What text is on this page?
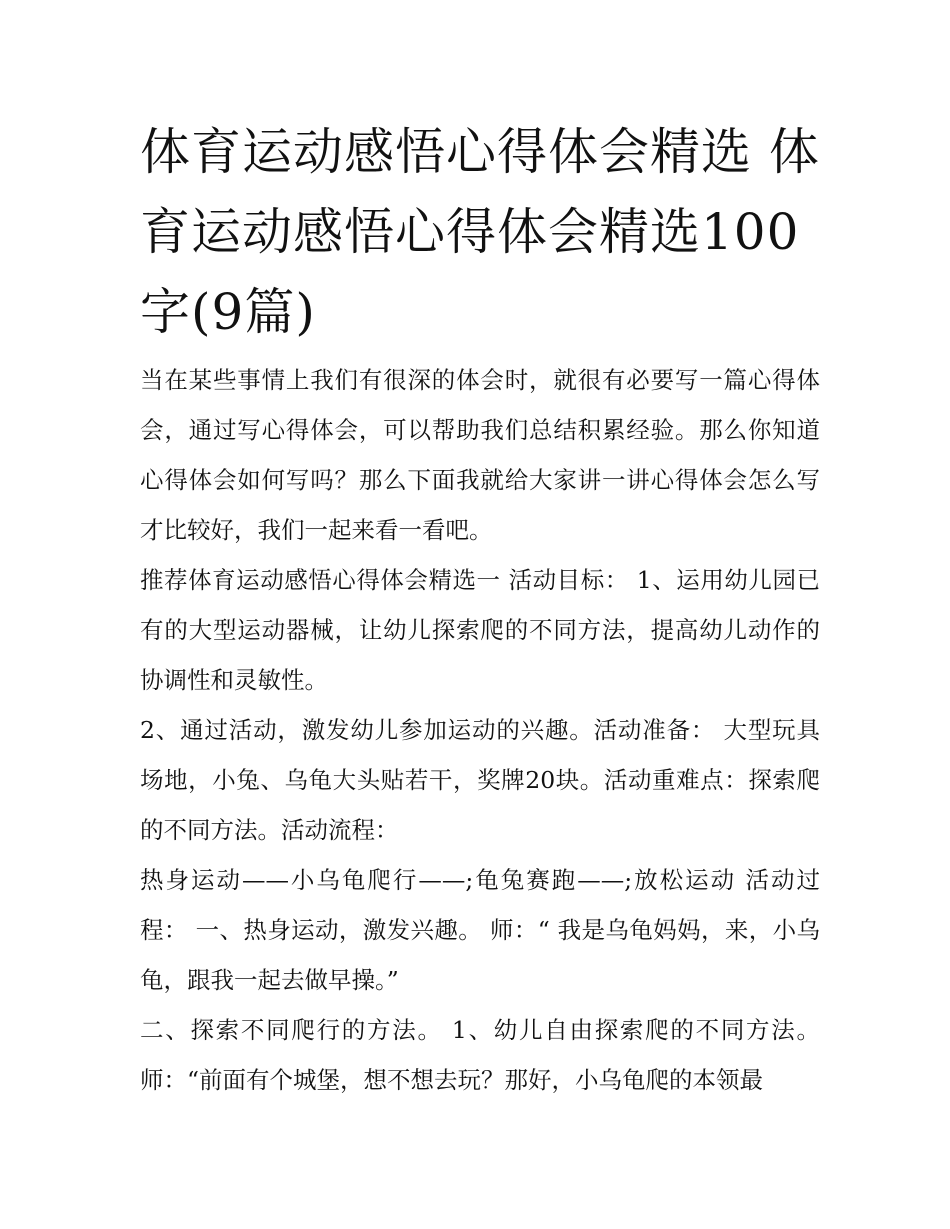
体育运动感悟心得体会精选 体育运动感悟心得体会精选100字(9篇)

当在某些事情上我们有很深的体会时，就很有必要写一篇心得体会，通过写心得体会，可以帮助我们总结积累经验。那么你知道心得体会如何写吗？那么下面我就给大家讲一讲心得体会怎么写才比较好，我们一起来看一看吧。

推荐体育运动感悟心得体会精选一 活动目标： 1、运用幼儿园已有的大型运动器械，让幼儿探索爬的不同方法，提高幼儿动作的协调性和灵敏性。

2、通过活动，激发幼儿参加运动的兴趣。活动准备： 大型玩具场地，小兔、乌龟大头贴若干，奖牌20块。活动重难点：探索爬的不同方法。活动流程：

热身运动——小乌龟爬行——;龟兔赛跑——;放松运动 活动过程： 一、热身运动，激发兴趣。 师：“ 我是乌龟妈妈，来，小乌龟，跟我一起去做早操。”

二、探索不同爬行的方法。 1、幼儿自由探索爬的不同方法。 师：“前面有个城堡，想不想去玩？那好，小乌龟爬的本领最
